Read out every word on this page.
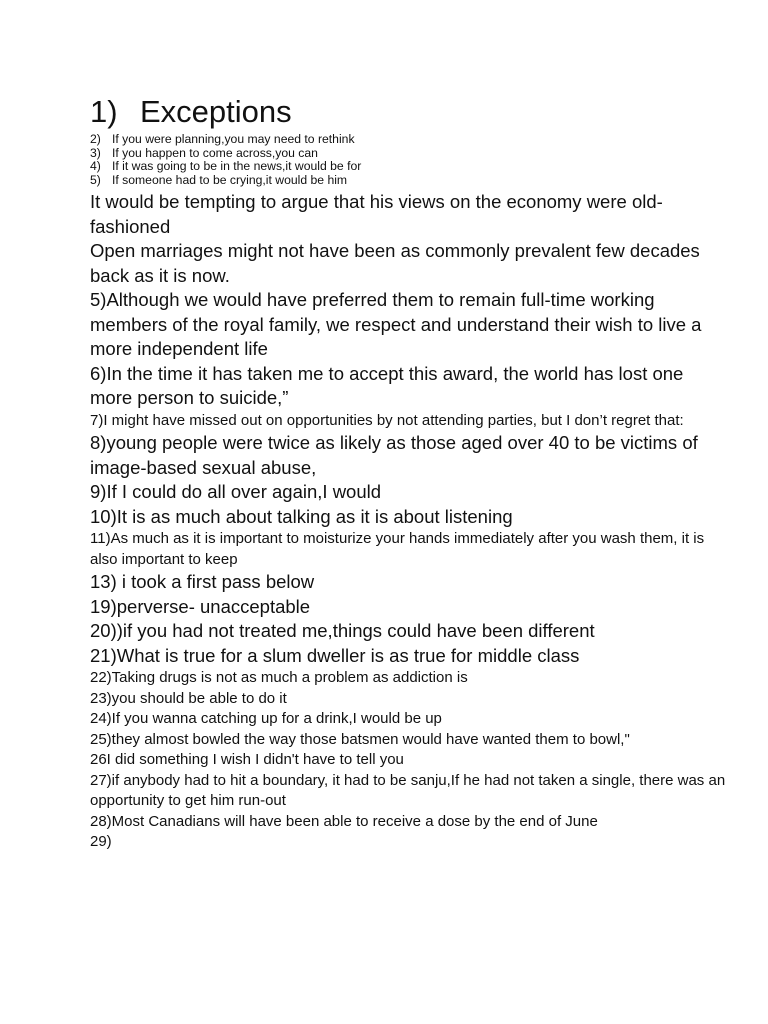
1) Exceptions
2) If you were planning,you may need to rethink
3) If you happen to come across,you can
4) If it was going to be in the news,it would be for
5) If someone had to be crying,it would be him

It would be tempting to argue that his views on the economy were old-fashioned

Open marriages might not have been as commonly prevalent few decades back as it is now.

5)Although we would have preferred them to remain full-time working members of the royal family, we respect and understand their wish to live a more independent life

6)In the time it has taken me to accept this award, the world has lost one more person to suicide,”

7)I might have missed out on opportunities by not attending parties, but I don’t regret that:

8)young people were twice as likely as those aged over 40 to be victims of image-based sexual abuse,

9)If I could do all over again,I would

10)It is as much about talking as it is about listening

11)As much as it is important to moisturize your hands immediately after you wash them, it is also important to keep

13) i took a first pass below

19)perverse- unacceptable

20))if you had not treated me,things could have been different

21)What is true for a slum dweller is as true for middle class

22)Taking drugs is not as much a problem as addiction is

23)you should be able to do it

24)If you wanna catching up for a drink,I would be up

25)they almost bowled the way those batsmen would have wanted them to bowl,"

26I did something I wish I didn't have to tell you

27)if anybody had to hit a boundary, it had to be sanju,If he had not taken a single, there was an opportunity to get him run-out

28)Most Canadians will have been able to receive a dose by the end of June

29)
